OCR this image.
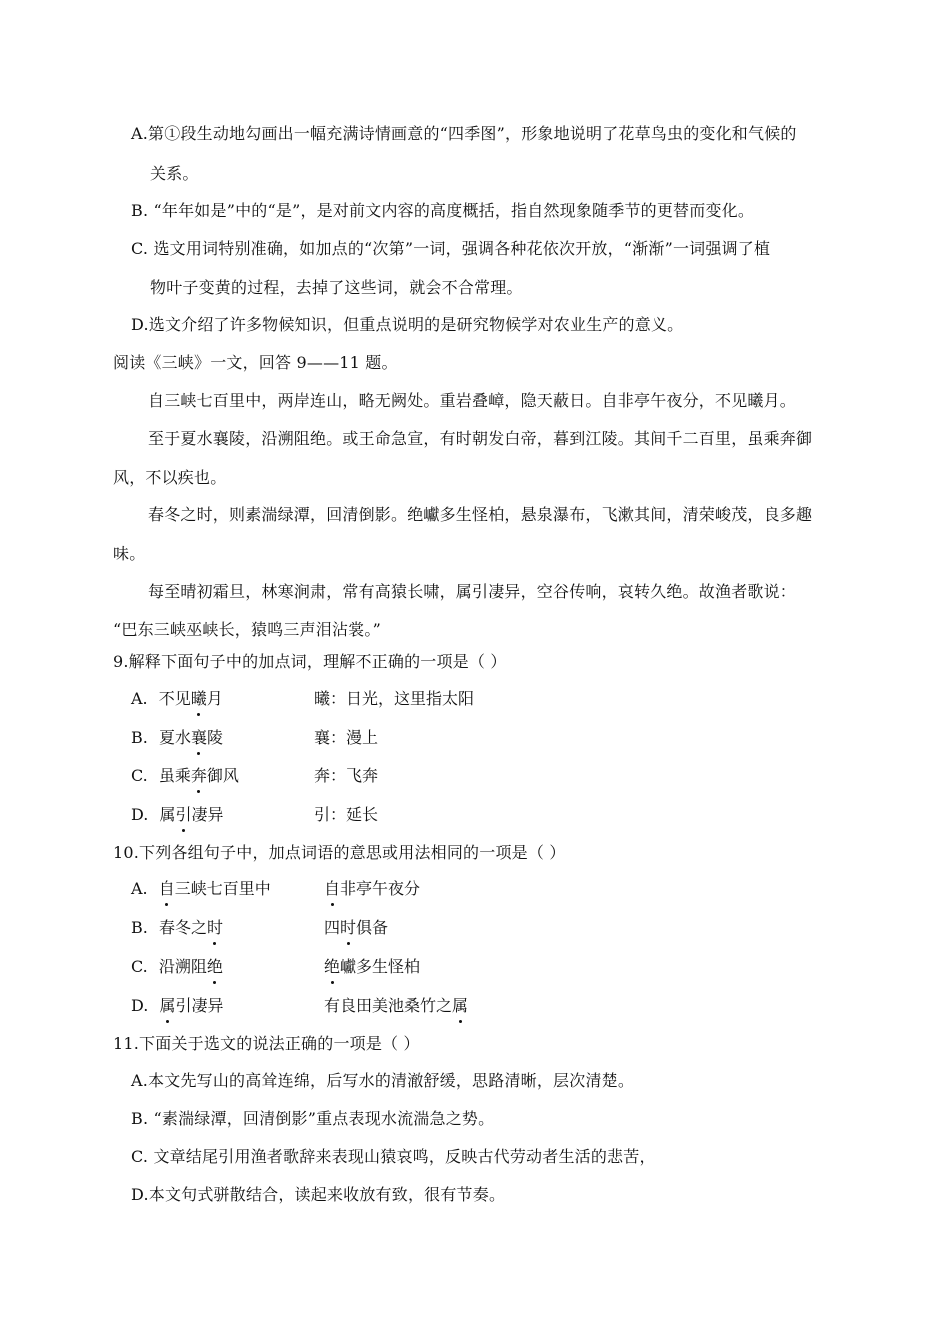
A.第①段生动地勾画出一幅充满诗情画意的“四季图”，形象地说明了花草鸟虫的变化和气候的
关系。
B. “年年如是”中的“是”，是对前文内容的高度概括，指自然现象随季节的更替而变化。
C. 选文用词特别准确，如加点的“次第”一词，强调各种花依次开放，“渐渐”一词强调了植
物叶子变黄的过程，去掉了这些词，就会不合常理。
D.选文介绍了许多物候知识，但重点说明的是研究物候学对农业生产的意义。
阅读《三峡》一文，回答 9——11 题。
自三峡七百里中，两岸连山，略无阙处。重岩叠嶂，隐天蔽日。自非亭午夜分，不见曦月。
至于夏水襄陵，沿溯阻绝。或王命急宣，有时朝发白帝，暮到江陵。其间千二百里，虽乘奔御
风，不以疾也。
春冬之时，则素湍绿潭，回清倒影。绝巘多生怪柏，悬泉瀑布，飞漱其间，清荣峻茂，良多趣
味。
每至晴初霜旦，林寒涧肃，常有高猿长啸，属引凄异，空谷传响，哀转久绝。故渔者歌说：
“巴东三峡巫峡长，猿鸣三声泪沾裳。”
9.解释下面句子中的加点词，理解不正确的一项是（ ）
A. 不见曦月	曦：日光，这里指太阳
B. 夏水襄陵	襄：漫上
C. 虽乘奔御风	奔：飞奔
D. 属引凄异	引：延长
10.下列各组句子中，加点词语的意思或用法相同的一项是（ ）
A. 自三峡七百里中	自非亭午夜分
B. 春冬之时	四时俱备
C. 沿溯阻绝	绝巘多生怪柏
D. 属引凄异	有良田美池桑竹之属
11.下面关于选文的说法正确的一项是（ ）
A.本文先写山的高耸连绵，后写水的清澈舒缓，思路清晰，层次清楚。
B. “素湍绿潭，回清倒影”重点表现水流湍急之势。
C. 文章结尾引用渔者歌辞来表现山猿哀鸣，反映古代劳动者生活的悲苦，
D.本文句式骈散结合，读起来收放有致，很有节奏。
